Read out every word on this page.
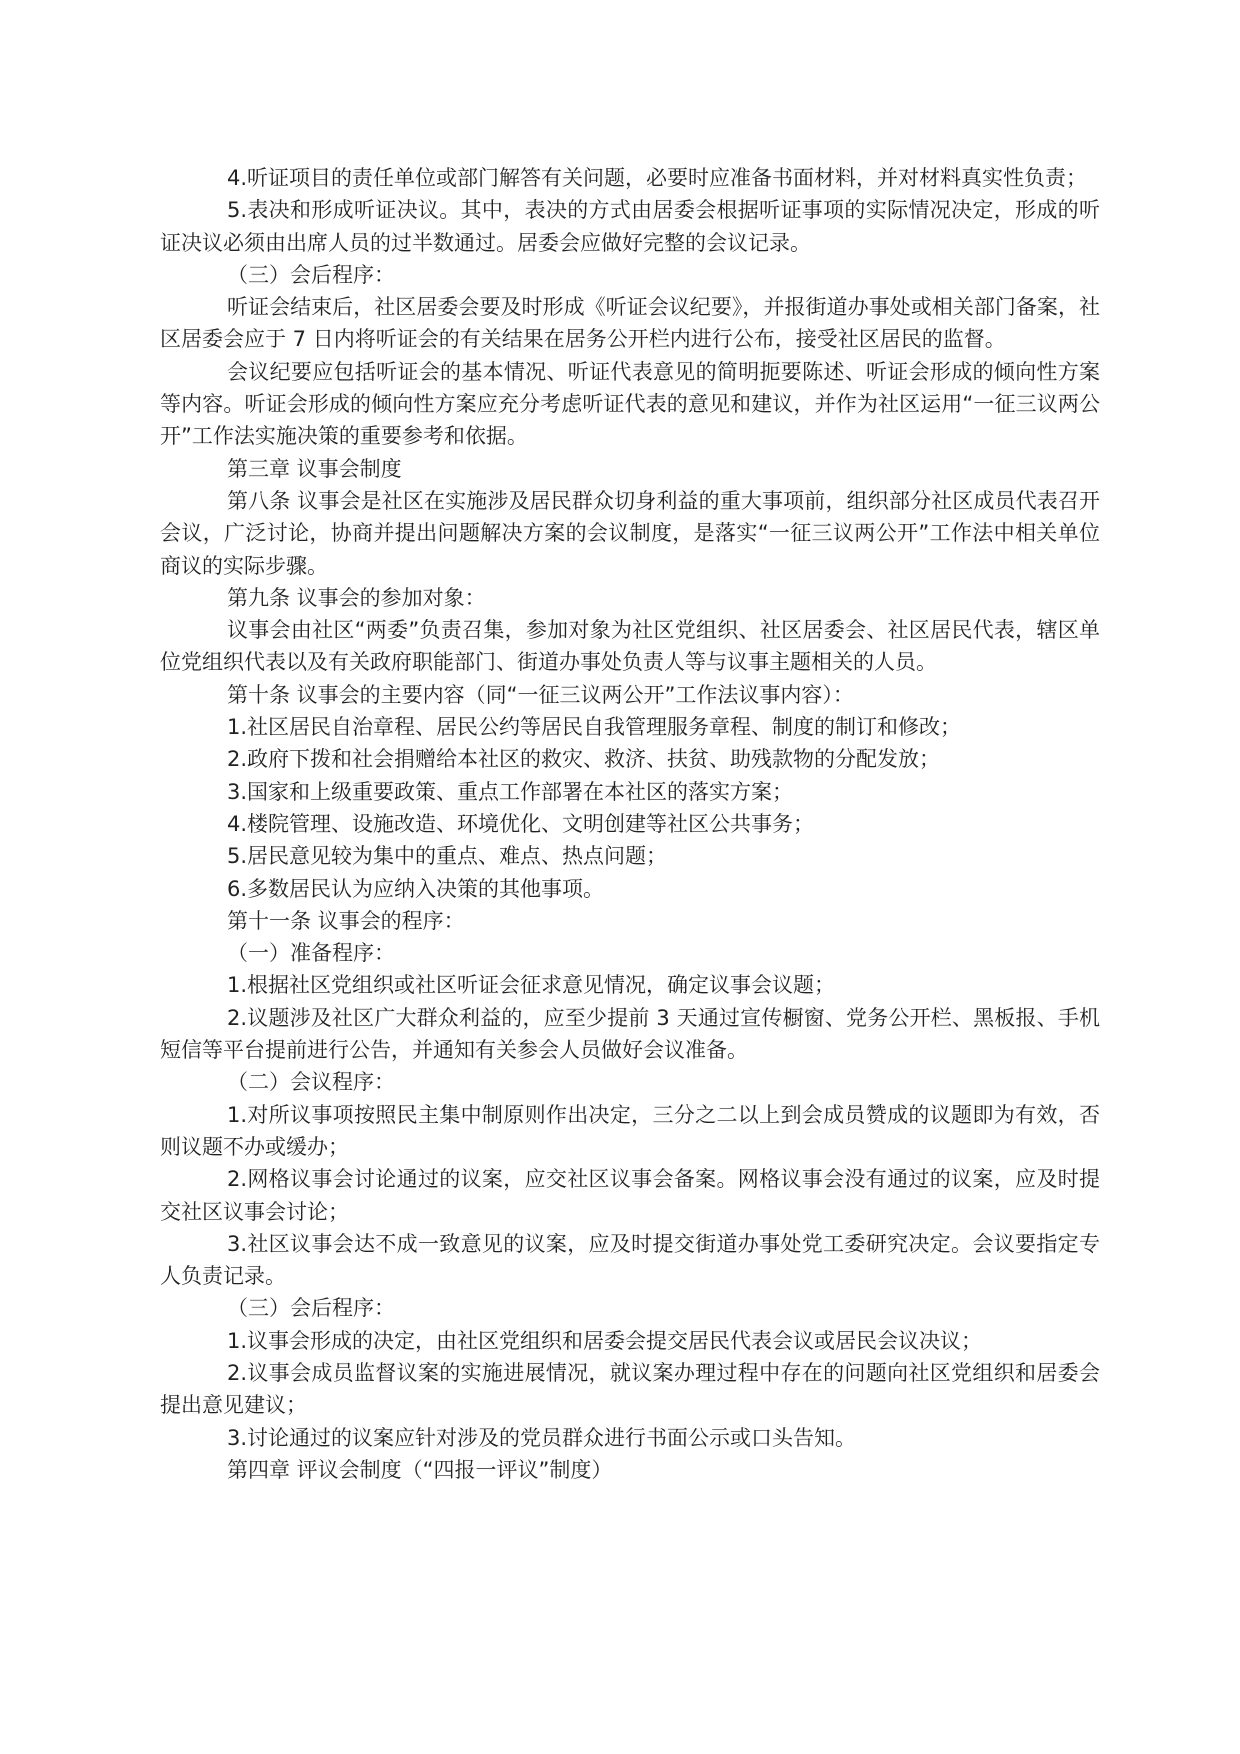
4.听证项目的责任单位或部门解答有关问题，必要时应准备书面材料，并对材料真实性负责；

5.表决和形成听证决议。其中，表决的方式由居委会根据听证事项的实际情况决定，形成的听证决议必须由出席人员的过半数通过。居委会应做好完整的会议记录。

（三）会后程序：

听证会结束后，社区居委会要及时形成《听证会议纪要》，并报街道办事处或相关部门备案，社区居委会应于 7 日内将听证会的有关结果在居务公开栏内进行公布，接受社区居民的监督。

会议纪要应包括听证会的基本情况、听证代表意见的简明扼要陈述、听证会形成的倾向性方案等内容。听证会形成的倾向性方案应充分考虑听证代表的意见和建议，并作为社区运用“一征三议两公开”工作法实施决策的重要参考和依据。

第三章 议事会制度

第八条 议事会是社区在实施涉及居民群众切身利益的重大事项前，组织部分社区成员代表召开会议，广泛讨论，协商并提出问题解决方案的会议制度，是落实“一征三议两公开”工作法中相关单位商议的实际步骤。

第九条 议事会的参加对象：

议事会由社区“两委”负责召集，参加对象为社区党组织、社区居委会、社区居民代表，辖区单位党组织代表以及有关政府职能部门、街道办事处负责人等与议事主题相关的人员。

第十条 议事会的主要内容（同“一征三议两公开”工作法议事内容）：

1.社区居民自治章程、居民公约等居民自我管理服务章程、制度的制订和修改；

2.政府下拨和社会捐赠给本社区的救灾、救济、扶贫、助残款物的分配发放；

3.国家和上级重要政策、重点工作部署在本社区的落实方案；

4.楼院管理、设施改造、环境优化、文明创建等社区公共事务；

5.居民意见较为集中的重点、难点、热点问题；

6.多数居民认为应纳入决策的其他事项。

第十一条 议事会的程序：

（一）准备程序：

1.根据社区党组织或社区听证会征求意见情况，确定议事会议题；

2.议题涉及社区广大群众利益的，应至少提前 3 天通过宣传橱窗、党务公开栏、黑板报、手机短信等平台提前进行公告，并通知有关参会人员做好会议准备。

（二）会议程序：

1.对所议事项按照民主集中制原则作出决定，三分之二以上到会成员赞成的议题即为有效，否则议题不办或缓办；

2.网格议事会讨论通过的议案，应交社区议事会备案。网格议事会没有通过的议案，应及时提交社区议事会讨论；

3.社区议事会达不成一致意见的议案，应及时提交街道办事处党工委研究决定。会议要指定专人负责记录。

（三）会后程序：

1.议事会形成的决定，由社区党组织和居委会提交居民代表会议或居民会议决议；

2.议事会成员监督议案的实施进展情况，就议案办理过程中存在的问题向社区党组织和居委会提出意见建议；

3.讨论通过的议案应针对涉及的党员群众进行书面公示或口头告知。

第四章 评议会制度（“四报一评议”制度）
